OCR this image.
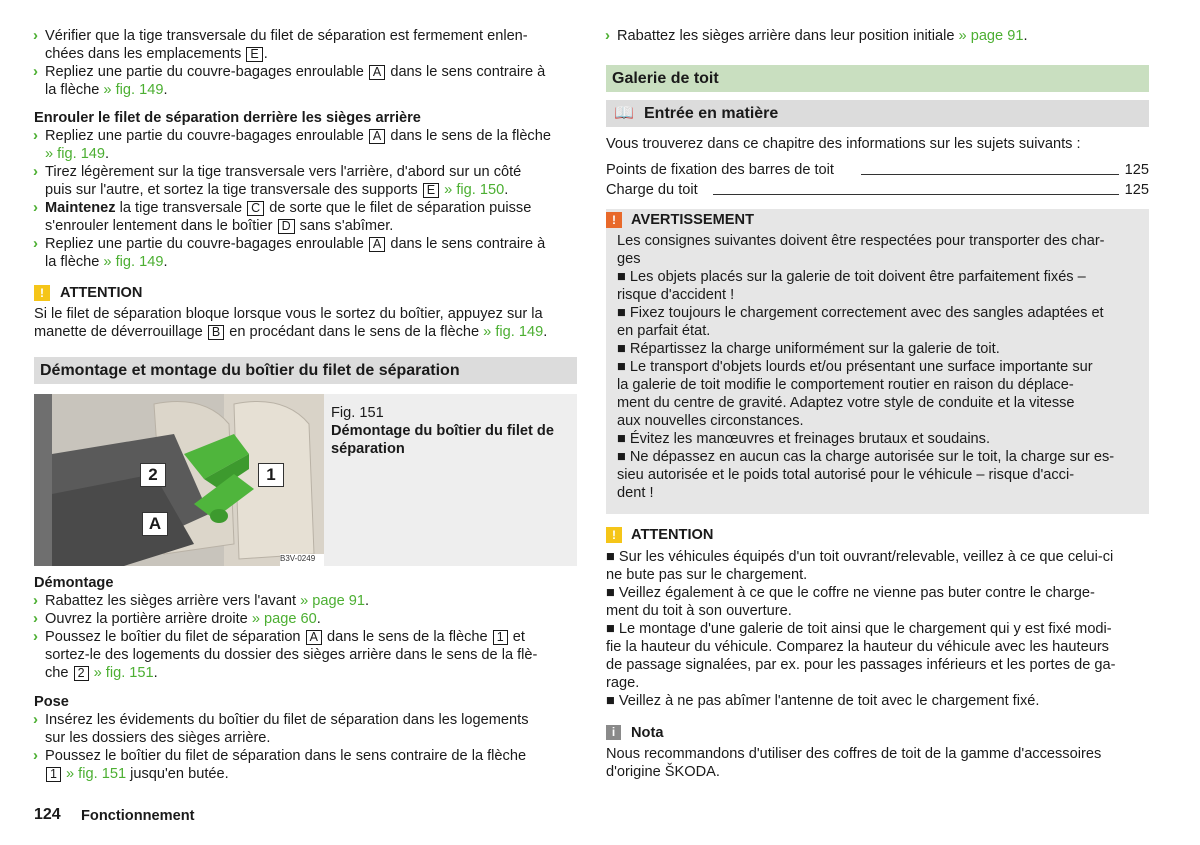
› Vérifier que la tige transversale du filet de séparation est fermement enlen-
chées dans les emplacements E .
› Repliez une partie du couvre-bagages enroulable A dans le sens contraire à
la flèche » fig. 149.
Enrouler le filet de séparation derrière les sièges arrière
› Repliez une partie du couvre-bagages enroulable A dans le sens de la flèche
» fig. 149.
› Tirez légèrement sur la tige transversale vers l'arrière, d'abord sur un côté
puis sur l'autre, et sortez la tige transversale des supports E » fig. 150.
› Maintenez la tige transversale C de sorte que le filet de séparation puisse
s'enrouler lentement dans le boîtier D sans s'abîmer.
› Repliez une partie du couvre-bagages enroulable A dans le sens contraire à
la flèche » fig. 149.
!	ATTENTION
Si le filet de séparation bloque lorsque vous le sortez du boîtier, appuyez sur la
manette de déverrouillage B en procédant dans le sens de la flèche » fig. 149.
Démontage et montage du boîtier du filet de séparation
2	1
A
B3V-0249
Fig. 151
Démontage du boîtier du filet de
séparation
Démontage
› Rabattez les sièges arrière vers l'avant » page 91.
› Ouvrez la portière arrière droite » page 60.
› Poussez le boîtier du filet de séparation A dans le sens de la flèche 1 et
sortez-le des logements du dossier des sièges arrière dans le sens de la flè-
che 2 » fig. 151.
Pose
› Insérez les évidements du boîtier du filet de séparation dans les logements
sur les dossiers des sièges arrière.
› Poussez le boîtier du filet de séparation dans le sens contraire de la flèche
1 » fig. 151 jusqu'en butée.
124 Fonctionnement
› Rabattez les sièges arrière dans leur position initiale » page 91.
Galerie de toit
📖 Entrée en matière
Vous trouverez dans ce chapitre des informations sur les sujets suivants :
Points de fixation des barres de toit	125
Charge du toit	125
!	AVERTISSEMENT
Les consignes suivantes doivent être respectées pour transporter des char-
ges
■ Les objets placés sur la galerie de toit doivent être parfaitement fixés –
risque d'accident !
■ Fixez toujours le chargement correctement avec des sangles adaptées et
en parfait état.
■ Répartissez la charge uniformément sur la galerie de toit.
■ Le transport d'objets lourds et/ou présentant une surface importante sur
la galerie de toit modifie le comportement routier en raison du déplace-
ment du centre de gravité. Adaptez votre style de conduite et la vitesse
aux nouvelles circonstances.
■ Évitez les manœuvres et freinages brutaux et soudains.
■ Ne dépassez en aucun cas la charge autorisée sur le toit, la charge sur es-
sieu autorisée et le poids total autorisé pour le véhicule – risque d'acci-
dent !
!	ATTENTION
■ Sur les véhicules équipés d'un toit ouvrant/relevable, veillez à ce que celui-ci
ne bute pas sur le chargement.
■ Veillez également à ce que le coffre ne vienne pas buter contre le charge-
ment du toit à son ouverture.
■ Le montage d'une galerie de toit ainsi que le chargement qui y est fixé modi-
fie la hauteur du véhicule. Comparez la hauteur du véhicule avec les hauteurs
de passage signalées, par ex. pour les passages inférieurs et les portes de ga-
rage.
■ Veillez à ne pas abîmer l'antenne de toit avec le chargement fixé.
i	Nota
Nous recommandons d'utiliser des coffres de toit de la gamme d'accessoires
d'origine ŠKODA.
